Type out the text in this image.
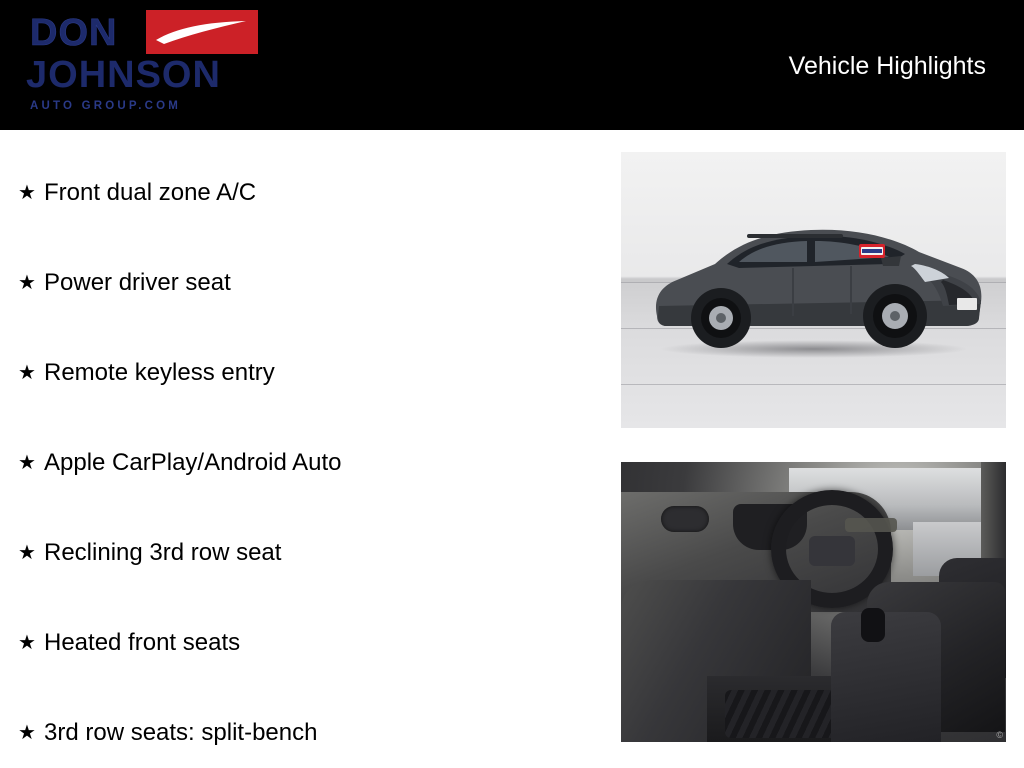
DON
JOHNSON
AUTO GROUP.COM
Vehicle Highlights
★ Front dual zone A/C
★ Power driver seat
★ Remote keyless entry
★ Apple CarPlay/Android Auto
★ Reclining 3rd row seat
★ Heated front seats
★ 3rd row seats: split-bench	©
